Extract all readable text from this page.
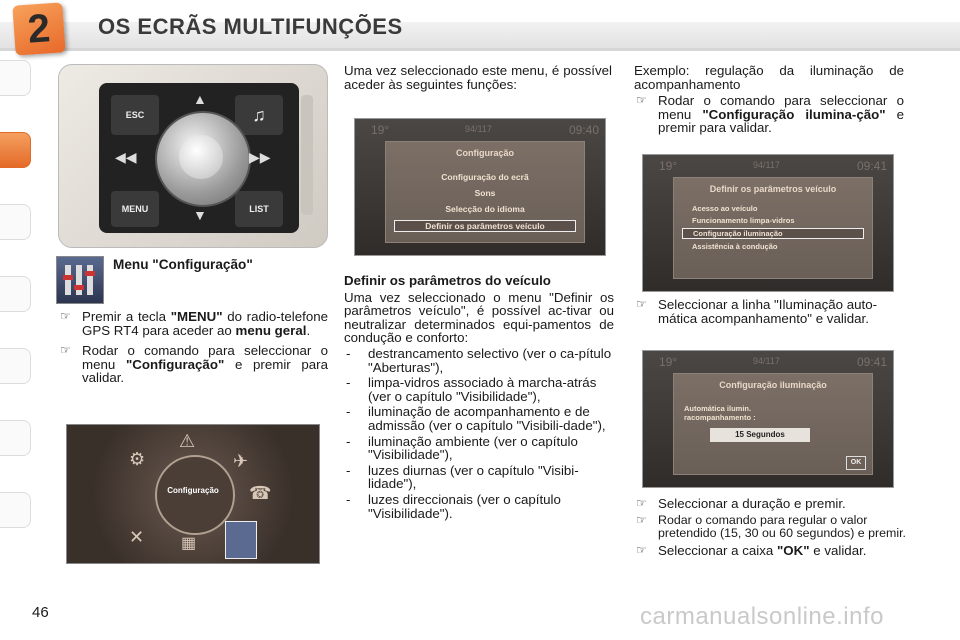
2	OS ECRÃS MULTIFUNÇÕES
ESC
MENU	LIST
♫
▲
▼
◀◀	▶▶
Menu "Configuração"

☞ Premir a tecla "MENU" do radio-telefone GPS RT4 para aceder ao menu geral.

☞ Rodar o comando para seleccionar o menu "Configuração" e premir para validar.

Configuração
⚙
⚠
✈
☎
✕ ▦

Uma vez seleccionado este menu, é possível aceder às seguintes funções:

19°	94/117	09:40
Configuração
Configuração do ecrã
Sons
Selecção do idioma
Definir os parâmetros veículo

Definir os parâmetros do veículo

Uma vez seleccionado o menu "Definir os parâmetros veículo", é possível ac-tivar ou neutralizar determinados equi-pamentos de condução e conforto:

- destrancamento selectivo (ver o ca-pítulo "Aberturas"),

- limpa-vidros associado à marcha-atrás (ver o capítulo "Visibilidade"),

- iluminação de acompanhamento e de admissão (ver o capítulo "Visibili-dade"),

- iluminação ambiente (ver o capítulo "Visibilidade"),

- luzes diurnas (ver o capítulo "Visibi-lidade"),

- luzes direccionais (ver o capítulo "Visibilidade").

Exemplo: regulação da iluminação de acompanhamento

☞ Rodar o comando para seleccionar o menu "Configuração ilumina-ção" e premir para validar.

19°	94/117	09:41
Definir os parâmetros veículo
Acesso ao veículo
Funcionamento limpa-vidros
Configuração iluminação
Assistência à condução

☞ Seleccionar a linha "Iluminação auto-mática acompanhamento" e validar.

19°	94/117	09:41
Configuração iluminação
Automática ilumin. racompanhamento :
15 Segundos
OK

☞ Seleccionar a duração e premir.

☞ Rodar o comando para regular o valor pretendido (15, 30 ou 60 segundos) e premir.

☞ Seleccionar a caixa "OK" e validar.

46	carmanualsonline.info
